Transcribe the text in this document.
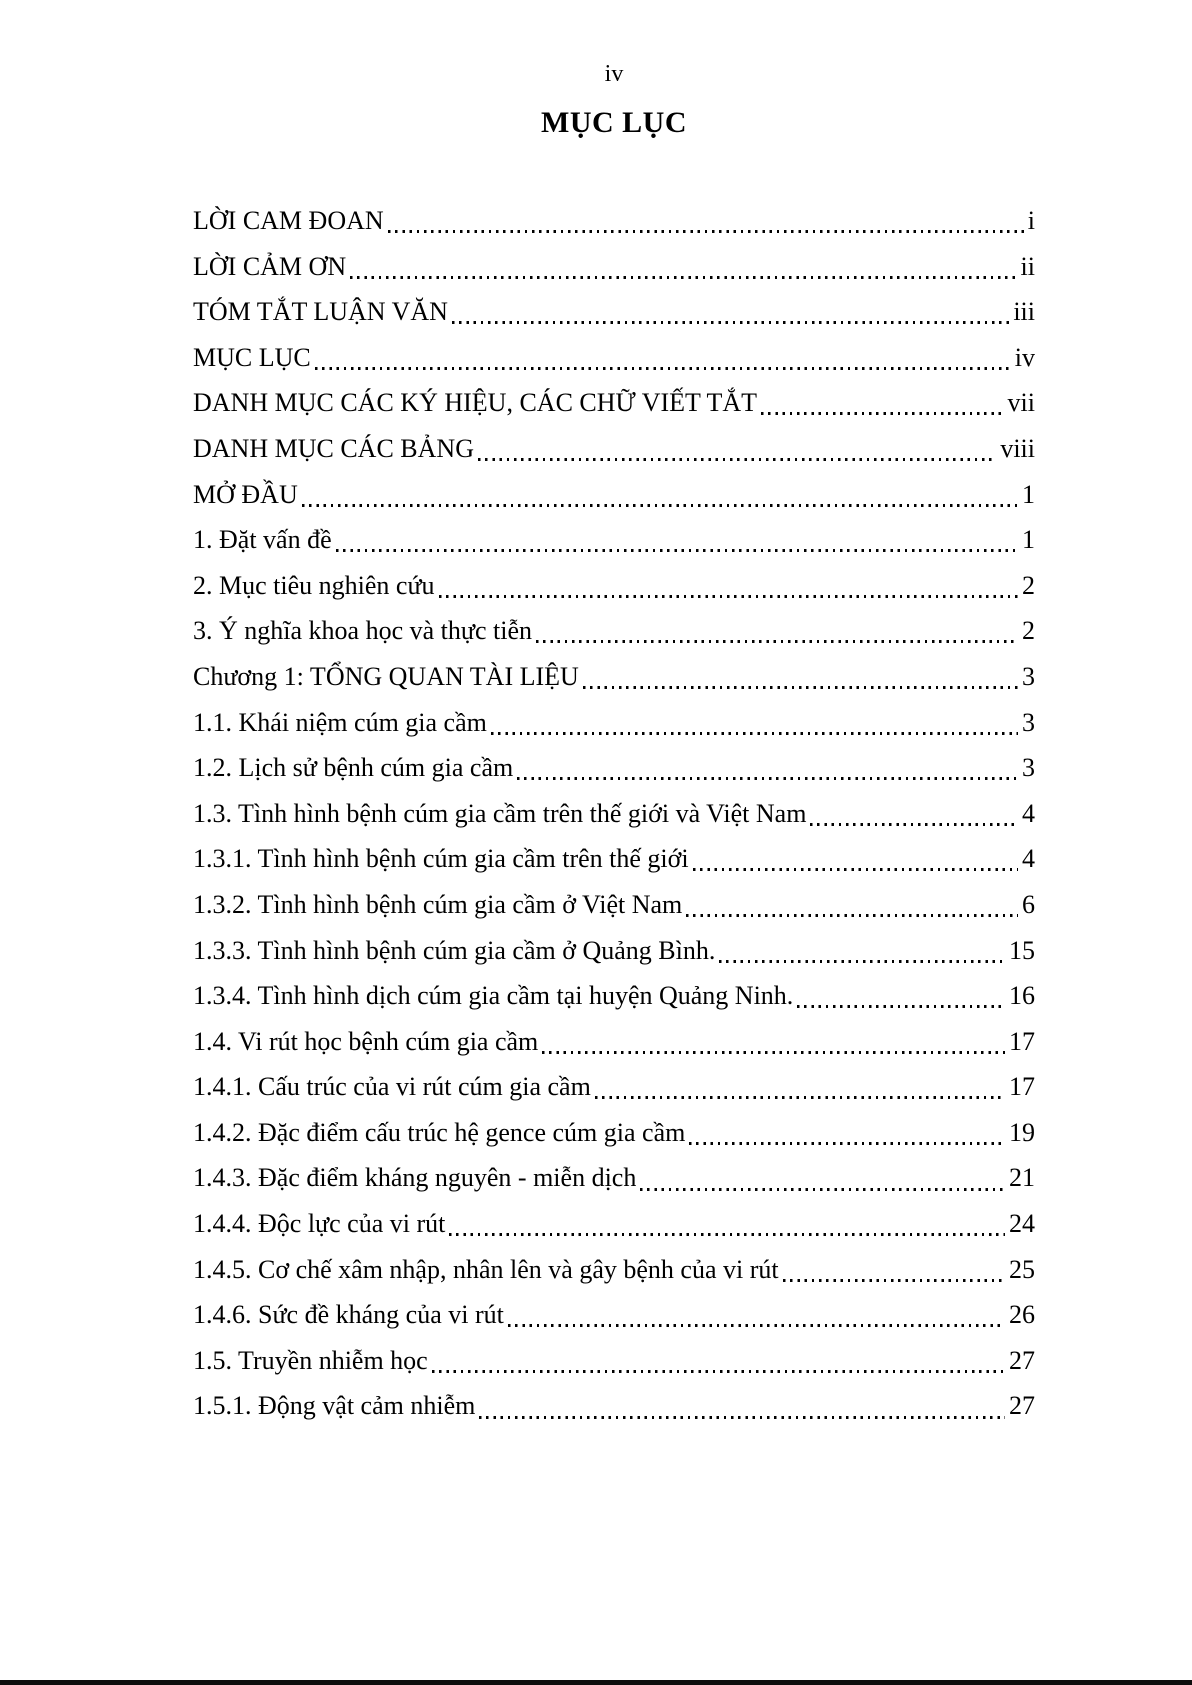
iv
MỤC LỤC
LỜI CAM ĐOAN	i
LỜI CẢM ƠN	ii
TÓM TẮT LUẬN VĂN	iii
MỤC LỤC	iv
DANH MỤC CÁC KÝ HIỆU, CÁC CHỮ VIẾT TẮT	vii
DANH MỤC CÁC BẢNG	viii
MỞ ĐẦU	1
1. Đặt vấn đề	1
2. Mục tiêu nghiên cứu	2
3. Ý nghĩa khoa học và thực tiễn	2
Chương 1: TỔNG QUAN TÀI LIỆU	3
1.1. Khái niệm cúm gia cầm	3
1.2. Lịch sử bệnh cúm gia cầm	3
1.3. Tình hình bệnh cúm gia cầm trên thế giới và Việt Nam	4
1.3.1. Tình hình bệnh cúm gia cầm trên thế giới	4
1.3.2. Tình hình bệnh cúm gia cầm ở Việt Nam	6
1.3.3. Tình hình bệnh cúm gia cầm ở Quảng Bình.	15
1.3.4. Tình hình dịch cúm gia cầm tại huyện Quảng Ninh.	16
1.4. Vi rút học bệnh cúm gia cầm	17
1.4.1. Cấu trúc của vi rút cúm gia cầm	17
1.4.2. Đặc điểm cấu trúc hệ gence cúm gia cầm	19
1.4.3. Đặc điểm kháng nguyên - miễn dịch	21
1.4.4. Độc lực của vi rút	24
1.4.5. Cơ chế xâm nhập, nhân lên và gây bệnh của vi rút	25
1.4.6. Sức đề kháng của vi rút	26
1.5. Truyền nhiễm học	27
1.5.1. Động vật cảm nhiễm	27
